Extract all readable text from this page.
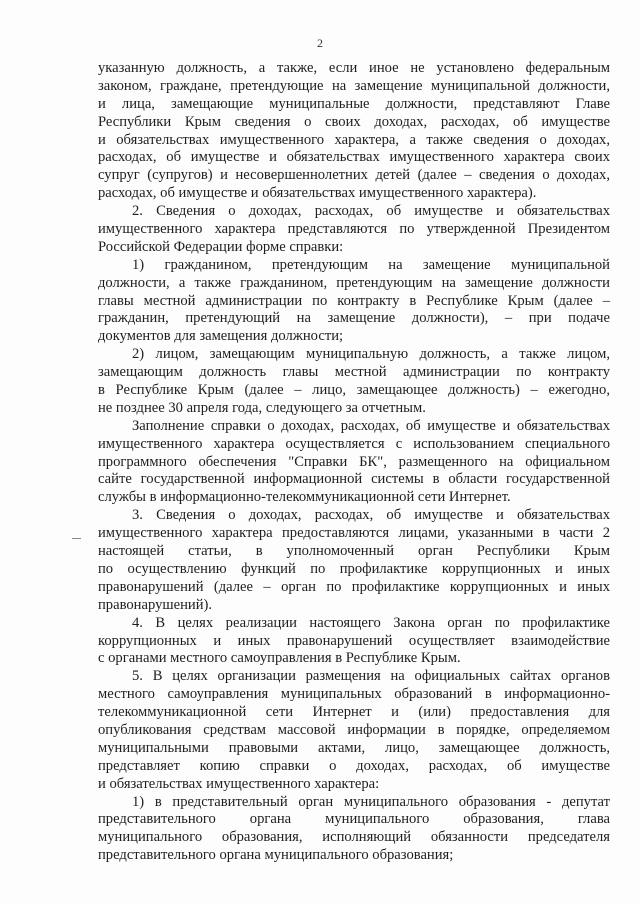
2
указанную должность, а также, если иное не установлено федеральным
законом, граждане, претендующие на замещение муниципальной должности,
и лица, замещающие муниципальные должности, представляют Главе
Республики Крым сведения о своих доходах, расходах, об имуществе
и обязательствах имущественного характера, а также сведения о доходах,
расходах, об имуществе и обязательствах имущественного характера своих
супруг (супругов) и несовершеннолетних детей (далее – сведения о доходах,
расходах, об имуществе и обязательствах имущественного характера).
2. Сведения о доходах, расходах, об имуществе и обязательствах
имущественного характера представляются по утвержденной Президентом
Российской Федерации форме справки:
1) гражданином, претендующим на замещение муниципальной
должности, а также гражданином, претендующим на замещение должности
главы местной администрации по контракту в Республике Крым (далее –
гражданин, претендующий на замещение должности), – при подаче
документов для замещения должности;
2) лицом, замещающим муниципальную должность, а также лицом,
замещающим должность главы местной администрации по контракту
в Республике Крым (далее – лицо, замещающее должность) – ежегодно,
не позднее 30 апреля года, следующего за отчетным.
Заполнение справки о доходах, расходах, об имуществе и обязательствах
имущественного характера осуществляется с использованием специального
программного обеспечения "Справки БК", размещенного на официальном
сайте государственной информационной системы в области государственной
службы в информационно-телекоммуникационной сети Интернет.
3. Сведения о доходах, расходах, об имуществе и обязательствах
имущественного характера предоставляются лицами, указанными в части 2
настоящей статьи, в уполномоченный орган Республики Крым
по осуществлению функций по профилактике коррупционных и иных
правонарушений (далее – орган по профилактике коррупционных и иных
правонарушений).
4. В целях реализации настоящего Закона орган по профилактике
коррупционных и иных правонарушений осуществляет взаимодействие
с органами местного самоуправления в Республике Крым.
5. В целях организации размещения на официальных сайтах органов
местного самоуправления муниципальных образований в информационно-
телекоммуникационной сети Интернет и (или) предоставления для
опубликования средствам массовой информации в порядке, определяемом
муниципальными правовыми актами, лицо, замещающее должность,
представляет копию справки о доходах, расходах, об имуществе
и обязательствах имущественного характера:
1) в представительный орган муниципального образования - депутат
представительного органа муниципального образования, глава
муниципального образования, исполняющий обязанности председателя
представительного органа муниципального образования;
